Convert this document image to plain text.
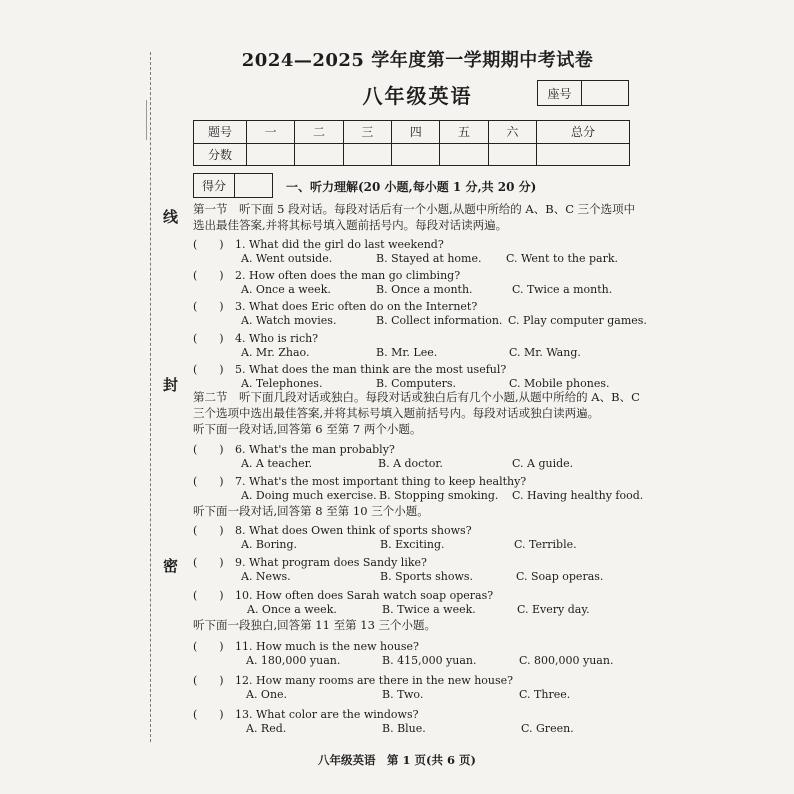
线
封
密
2024—2025 学年度第一学期期中考试卷
八年级英语	座号
题号	一	二	三	四	五	六	总分
分数							
得分	一、听力理解(20 小题,每小题 1 分,共 20 分)
第一节　听下面 5 段对话。每段对话后有一个小题,从题中所给的 A、B、C 三个选项中选出最佳答案,并将其标号填入题前括号内。每段对话读两遍。
(　　) 1. What did the girl do last weekend?
A. Went outside.	B. Stayed at home. C. Went to the park.
(　　) 2. How often does the man go climbing?
A. Once a week.	B. Once a month.	C. Twice a month.
(　　) 3. What does Eric often do on the Internet?
A. Watch movies.	B. Collect information. C. Play computer games.
(　　) 4. Who is rich?
A. Mr. Zhao.	B. Mr. Lee.	C. Mr. Wang.
(　　) 5. What does the man think are the most useful?
A. Telephones.	B. Computers.	C. Mobile phones.
(　　) 6. What's the man probably?
A. A teacher.	B. A doctor.	C. A guide.
(　　) 7. What's the most important thing to keep healthy?
A. Doing much exercise. B. Stopping smoking. C. Having healthy food.
(　　) 8. What does Owen think of sports shows?
A. Boring.	B. Exciting.	C. Terrible.
(　　) 9. What program does Sandy like?
A. News.	B. Sports shows.	C. Soap operas.
(　　) 10. How often does Sarah watch soap operas?
A. Once a week.	B. Twice a week.	C. Every day.
(　　) 11. How much is the new house?
A. 180,000 yuan.	B. 415,000 yuan.	C. 800,000 yuan.
(　　) 12. How many rooms are there in the new house?
A. One.	B. Two.	C. Three.
(　　) 13. What color are the windows?
A. Red.	B. Blue.	C. Green.
第二节　听下面几段对话或独白。每段对话或独白后有几个小题,从题中所给的 A、B、C 三个选项中选出最佳答案,并将其标号填入题前括号内。每段对话或独白读两遍。
听下面一段对话,回答第 6 至第 7 两个小题。
听下面一段对话,回答第 8 至第 10 三个小题。
听下面一段独白,回答第 11 至第 13 三个小题。
八年级英语　第 1 页(共 6 页)
